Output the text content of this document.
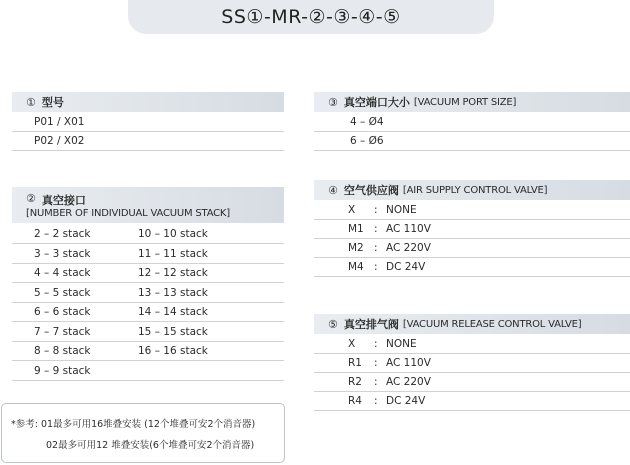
SS①-MR-②-③-④-⑤
① 型号
P01 / X01
P02 / X02
② 真空接口
[NUMBER OF INDIVIDUAL VACUUM STACK]
③ 真空端口大小 [VACUUM PORT SIZE]
4 – Ø4
6 – Ø6
④ 空气供应阀 [AIR SUPPLY CONTROL VALVE]
⑤ 真空排气阀 [VACUUM RELEASE CONTROL VALVE]
*参考: 01最多可用16堆叠安装 (12个堆叠可安2个消音器)
02最多可用12 堆叠安装(6个堆叠可安2个消音器)
2 – 2 stack	10 – 10 stack
3 – 3 stack	11 – 11 stack
4 – 4 stack	12 – 12 stack
5 – 5 stack	13 – 13 stack
6 – 6 stack	14 – 14 stack
7 – 7 stack	15 – 15 stack
8 – 8 stack	16 – 16 stack
9 – 9 stack
X : NONE
M1 : AC 110V
M2 : AC 220V
M4 : DC 24V
X : NONE
R1 : AC 110V
R2 : AC 220V
R4 : DC 24V
